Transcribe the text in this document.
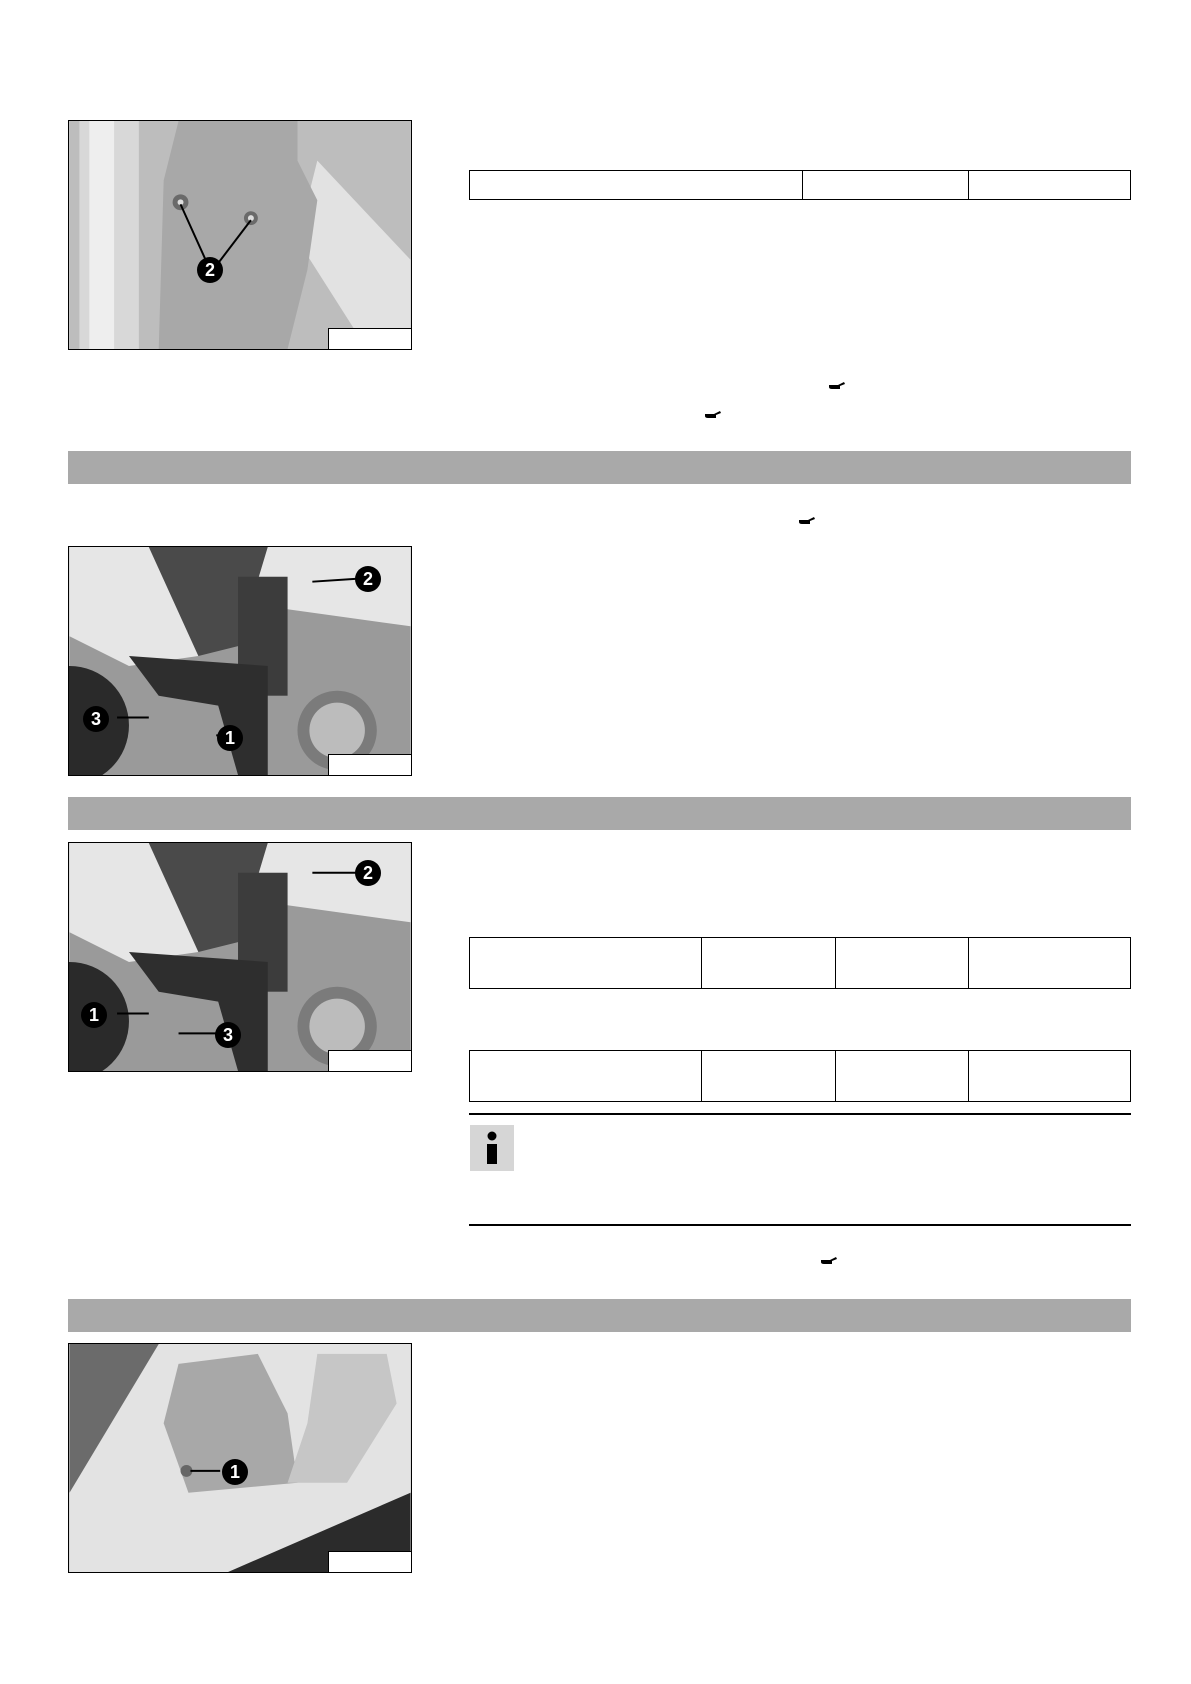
2

2
3
1
2
1
3

1
